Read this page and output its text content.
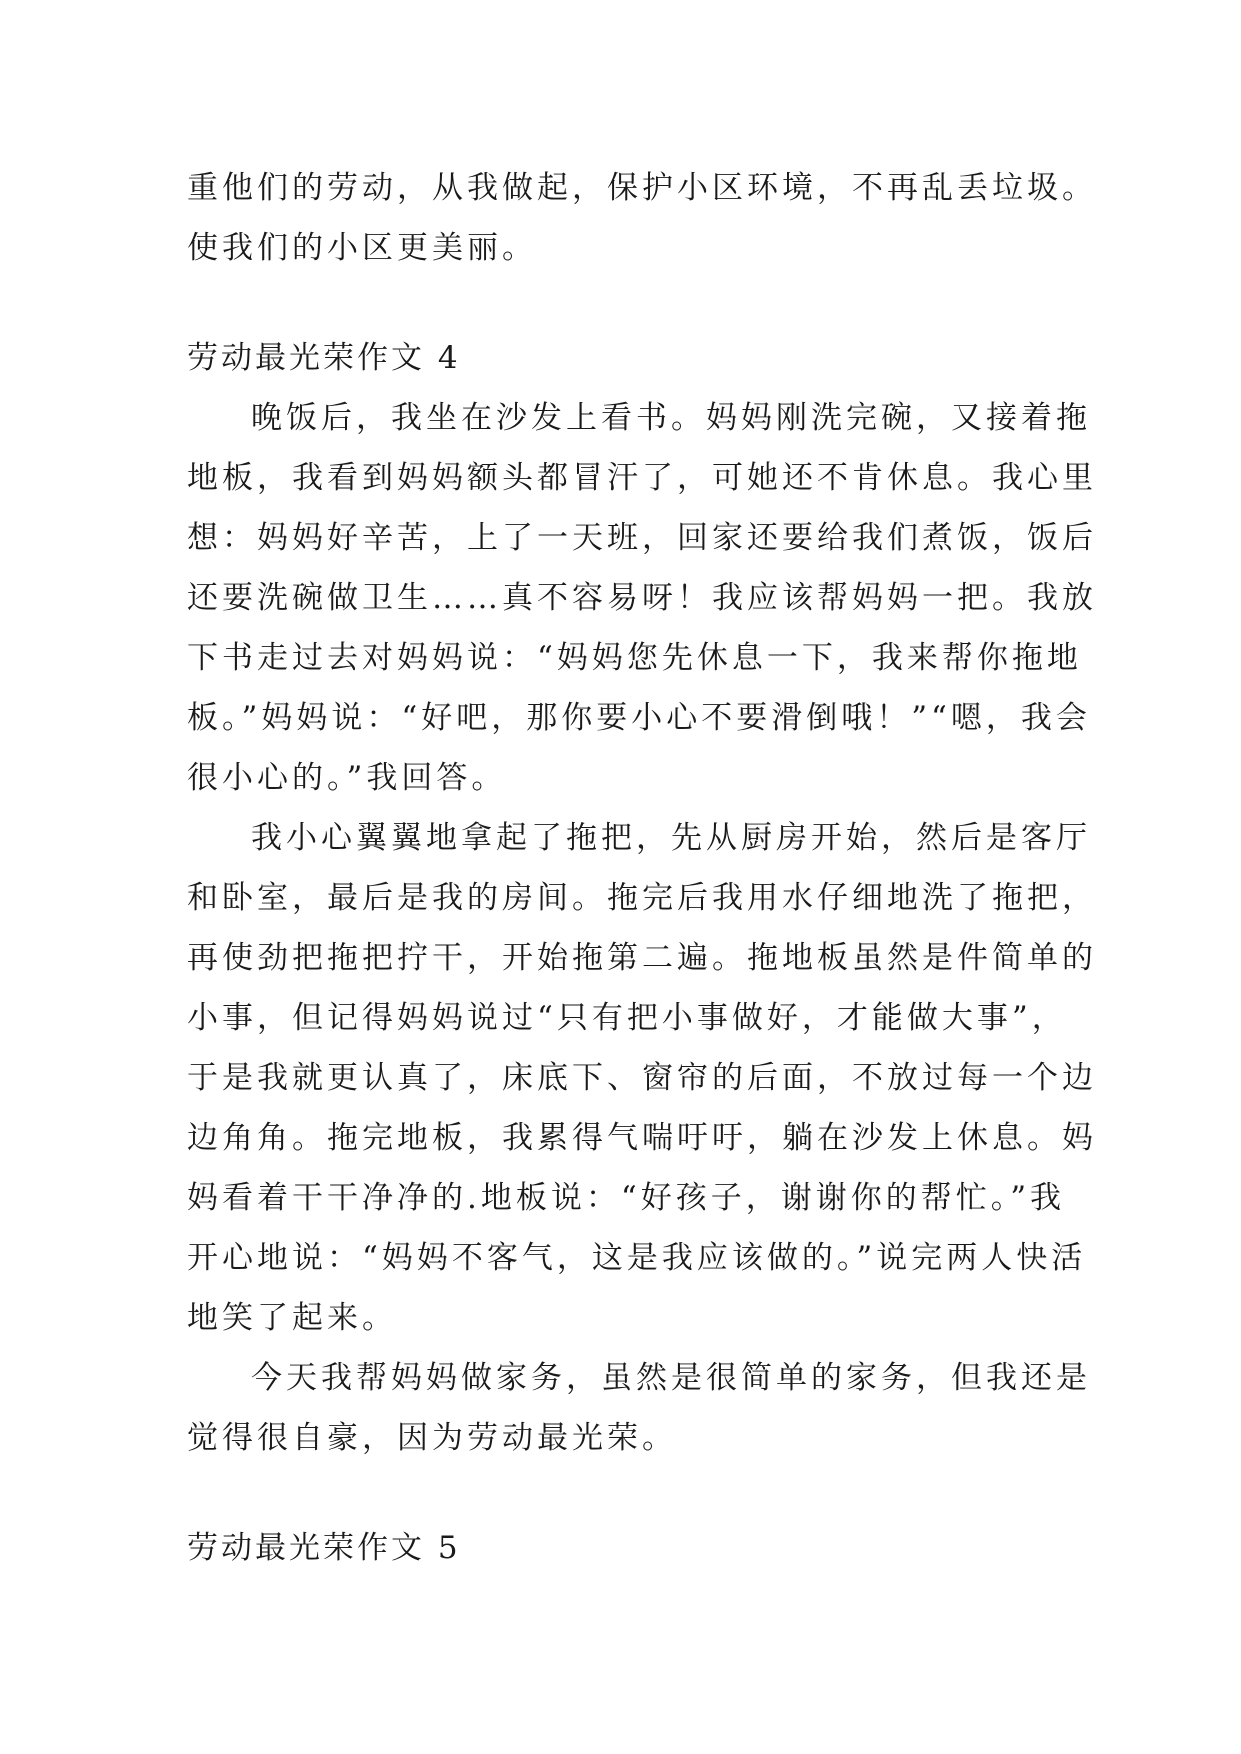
重他们的劳动，从我做起，保护小区环境，不再乱丢垃圾。
使我们的小区更美丽。
劳动最光荣作文 4
晚饭后，我坐在沙发上看书。妈妈刚洗完碗，又接着拖
地板，我看到妈妈额头都冒汗了，可她还不肯休息。我心里
想：妈妈好辛苦，上了一天班，回家还要给我们煮饭，饭后
还要洗碗做卫生……真不容易呀！我应该帮妈妈一把。我放
下书走过去对妈妈说：“妈妈您先休息一下，我来帮你拖地
板。”妈妈说：“好吧，那你要小心不要滑倒哦！”“嗯，我会
很小心的。”我回答。
我小心翼翼地拿起了拖把，先从厨房开始，然后是客厅
和卧室，最后是我的房间。拖完后我用水仔细地洗了拖把，
再使劲把拖把拧干，开始拖第二遍。拖地板虽然是件简单的
小事，但记得妈妈说过“只有把小事做好，才能做大事”，
于是我就更认真了，床底下、窗帘的后面，不放过每一个边
边角角。拖完地板，我累得气喘吁吁，躺在沙发上休息。妈
妈看着干干净净的.地板说：“好孩子，谢谢你的帮忙。”我
开心地说：“妈妈不客气，这是我应该做的。”说完两人快活
地笑了起来。
今天我帮妈妈做家务，虽然是很简单的家务，但我还是
觉得很自豪，因为劳动最光荣。
劳动最光荣作文 5
